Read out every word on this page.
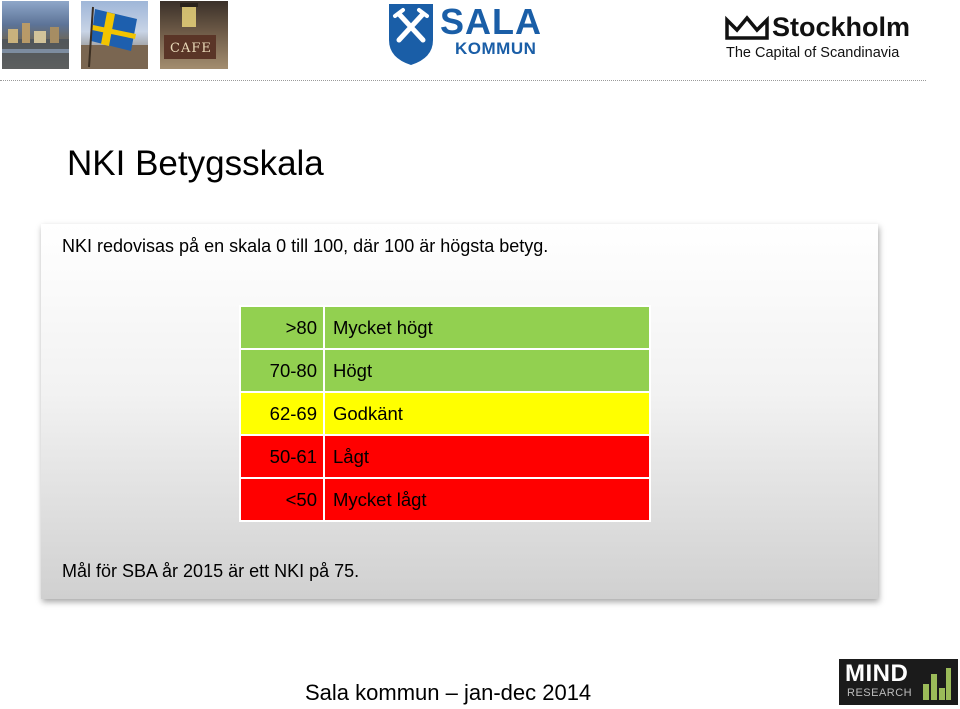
CAFE
SALA
KOMMUN
Stockholm
The Capital of Scandinavia
NKI Betygsskala
NKI redovisas på en skala 0 till 100, där 100 är högsta betyg.
>80	Mycket högt
70-80	Högt
62-69	Godkänt
50-61	Lågt
<50	Mycket lågt
Mål för SBA år 2015 är ett NKI på 75.
Sala kommun – jan-dec 2014
MIND
RESEARCH
